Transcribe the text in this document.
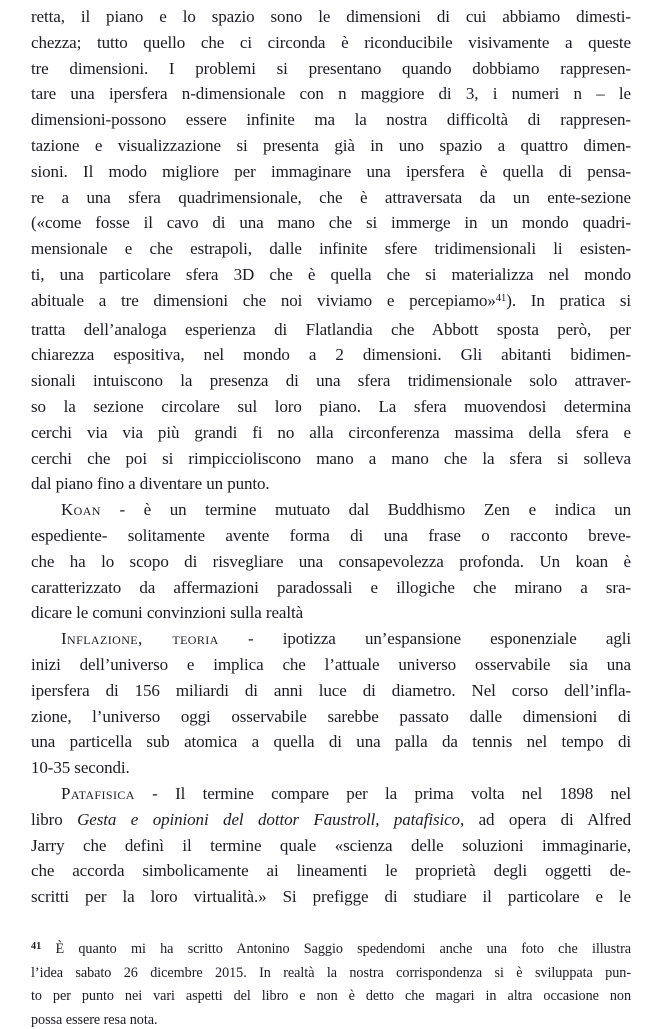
retta, il piano e lo spazio sono le dimensioni di cui abbiamo dimesti-
chezza; tutto quello che ci circonda è riconducibile visivamente a queste
tre dimensioni. I problemi si presentano quando dobbiamo rappresen-
tare una ipersfera n-dimensionale con n maggiore di 3, i numeri n – le
dimensioni-possono essere infinite ma la nostra difficoltà di rappresen-
tazione e visualizzazione si presenta già in uno spazio a quattro dimen-
sioni. Il modo migliore per immaginare una ipersfera è quella di pensa-
re a una sfera quadrimensionale, che è attraversata da un ente-sezione
(«come fosse il cavo di una mano che si immerge in un mondo quadri-
mensionale e che estrapoli, dalle infinite sfere tridimensionali li esisten-
ti, una particolare sfera 3D che è quella che si materializza nel mondo
abituale a tre dimensioni che noi viviamo e percepiamo»$^{41}$). In pratica si
tratta dell’analoga esperienza di Flatlandia che Abbott sposta però, per
chiarezza espositiva, nel mondo a 2 dimensioni. Gli abitanti bidimen-
sionali intuiscono la presenza di una sfera tridimensionale solo attraver-
so la sezione circolare sul loro piano. La sfera muovendosi determina
cerchi via via più grandi fi no alla circonferenza massima della sfera e
cerchi che poi si rimpiccioliscono mano a mano che la sfera si solleva
dal piano fino a diventare un punto.
Koan - è un termine mutuato dal Buddhismo Zen e indica un
espediente- solitamente avente forma di una frase o racconto breve-
che ha lo scopo di risvegliare una consapevolezza profonda. Un koan è
caratterizzato da affermazioni paradossali e illogiche che mirano a sra-
dicare le comuni convinzioni sulla realtà
Inflazione, teoria - ipotizza un’espansione esponenziale agli
inizi dell’universo e implica che l’attuale universo osservabile sia una
ipersfera di 156 miliardi di anni luce di diametro. Nel corso dell’infla-
zione, l’universo oggi osservabile sarebbe passato dalle dimensioni di
una particella sub atomica a quella di una palla da tennis nel tempo di
10-35 secondi.
Patafisica - Il termine compare per la prima volta nel 1898 nel
libro Gesta e opinioni del dottor Faustroll, patafisico, ad opera di Alfred
Jarry che definì il termine quale «scienza delle soluzioni immaginarie,
che accorda simbolicamente ai lineamenti le proprietà degli oggetti de-
scritti per la loro virtualità.» Si prefigge di studiare il particolare e le
$^{41}$ È quanto mi ha scritto Antonino Saggio spedendomi anche una foto che illustra
l’idea sabato 26 dicembre 2015. In realtà la nostra corrispondenza si è sviluppata pun-
to per punto nei vari aspetti del libro e non è detto che magari in altra occasione non
possa essere resa nota.
